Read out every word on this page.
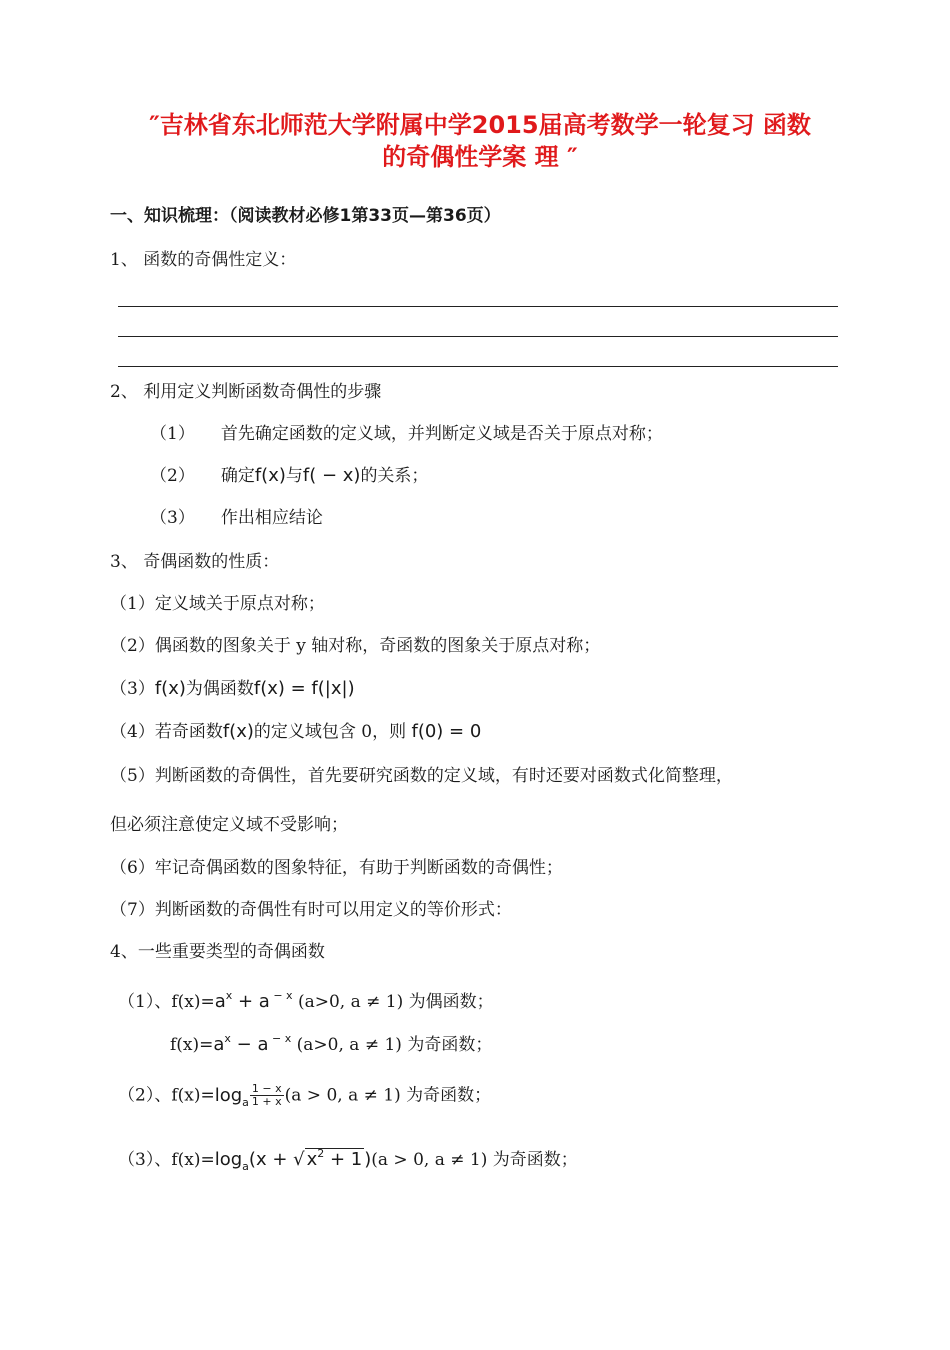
″吉林省东北师范大学附属中学2015届高考数学一轮复习 函数
的奇偶性学案 理 ″
一、知识梳理：（阅读教材必修1第33页—第36页）
1、 函数的奇偶性定义：
2、 利用定义判断函数奇偶性的步骤
（1） 首先确定函数的定义域，并判断定义域是否关于原点对称；
（2） 确定f(x)与f( − x)的关系；
（3） 作出相应结论
3、 奇偶函数的性质：
（1）定义域关于原点对称；
（2）偶函数的图象关于 y 轴对称，奇函数的图象关于原点对称；
（3）f(x)为偶函数f(x) = f(|x|)
（4）若奇函数f(x)的定义域包含 0，则 f(0) = 0
（5）判断函数的奇偶性，首先要研究函数的定义域，有时还要对函数式化简整理，
但必须注意使定义域不受影响；
（6）牢记奇偶函数的图象特征，有助于判断函数的奇偶性；
（7）判断函数的奇偶性有时可以用定义的等价形式：
4、一些重要类型的奇偶函数
（1）、$f(x)=a^x + a$ $^{- x}$ (a>0, a ≠ 1) 为偶函数；
$f(x)=a^x - a$ $^{- x}$ (a>0, a ≠ 1) 为奇函数；
（2）、$f(x)=\log_a \frac{1 - x}{1 + x} (a > 0$, a ≠ 1) 为奇函数；
（3）、$f(x)=\log_a(x$ + √ $x^2 + 1$ )(a > 0, a ≠ 1) 为奇函数；
